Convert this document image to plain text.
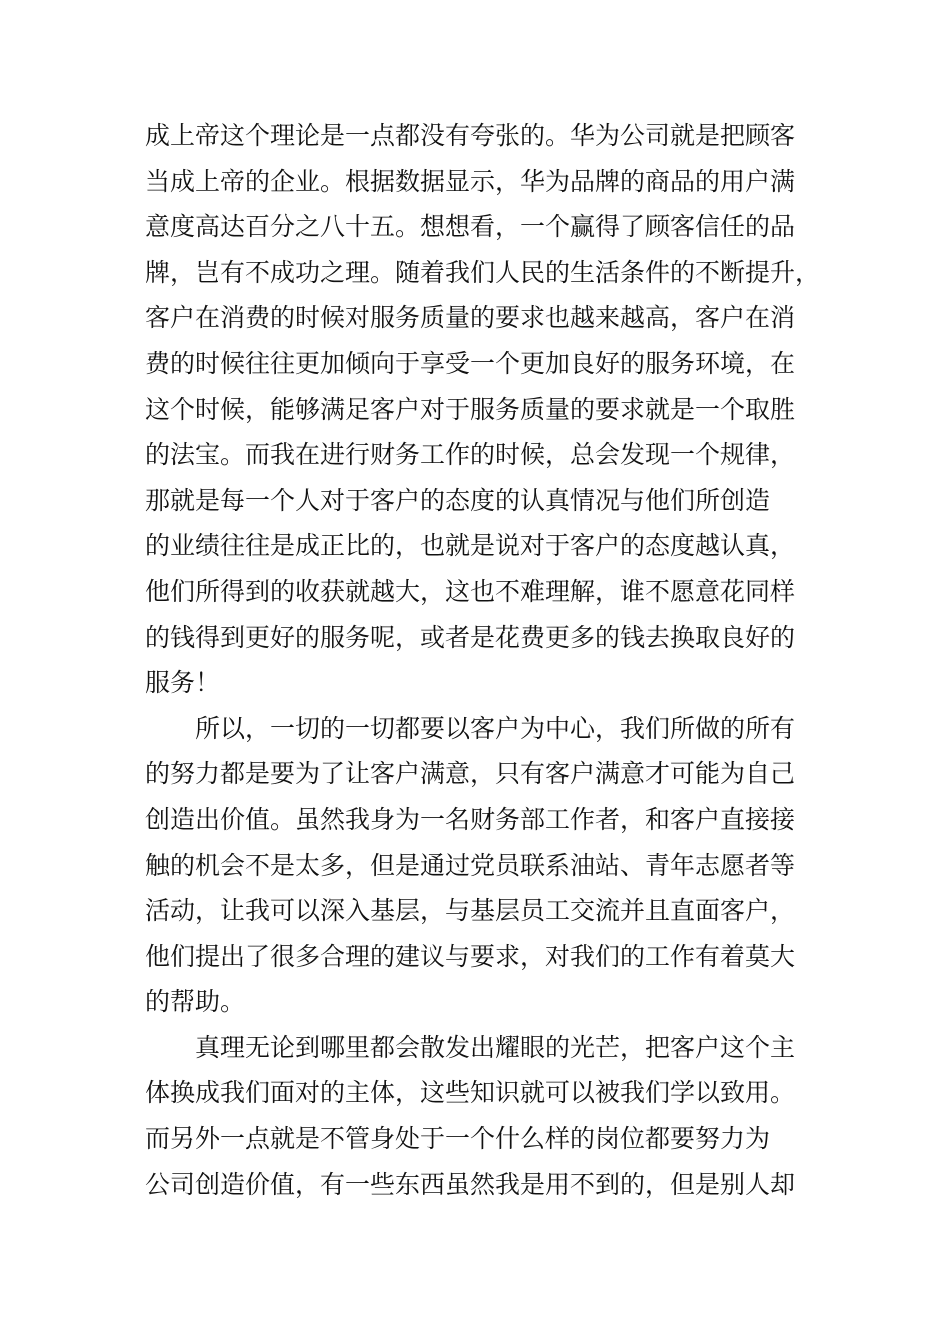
成上帝这个理论是一点都没有夸张的。华为公司就是把顾客
当成上帝的企业。根据数据显示，华为品牌的商品的用户满
意度高达百分之八十五。想想看，一个赢得了顾客信任的品
牌，岂有不成功之理。随着我们人民的生活条件的不断提升，
客户在消费的时候对服务质量的要求也越来越高，客户在消
费的时候往往更加倾向于享受一个更加良好的服务环境，在
这个时候，能够满足客户对于服务质量的要求就是一个取胜
的法宝。而我在进行财务工作的时候，总会发现一个规律，
那就是每一个人对于客户的态度的认真情况与他们所创造
的业绩往往是成正比的，也就是说对于客户的态度越认真，
他们所得到的收获就越大，这也不难理解，谁不愿意花同样
的钱得到更好的服务呢，或者是花费更多的钱去换取良好的
服务！
所以，一切的一切都要以客户为中心，我们所做的所有
的努力都是要为了让客户满意，只有客户满意才可能为自己
创造出价值。虽然我身为一名财务部工作者，和客户直接接
触的机会不是太多，但是通过党员联系油站、青年志愿者等
活动，让我可以深入基层，与基层员工交流并且直面客户，
他们提出了很多合理的建议与要求，对我们的工作有着莫大
的帮助。
真理无论到哪里都会散发出耀眼的光芒，把客户这个主
体换成我们面对的主体，这些知识就可以被我们学以致用。
而另外一点就是不管身处于一个什么样的岗位都要努力为
公司创造价值，有一些东西虽然我是用不到的，但是别人却
